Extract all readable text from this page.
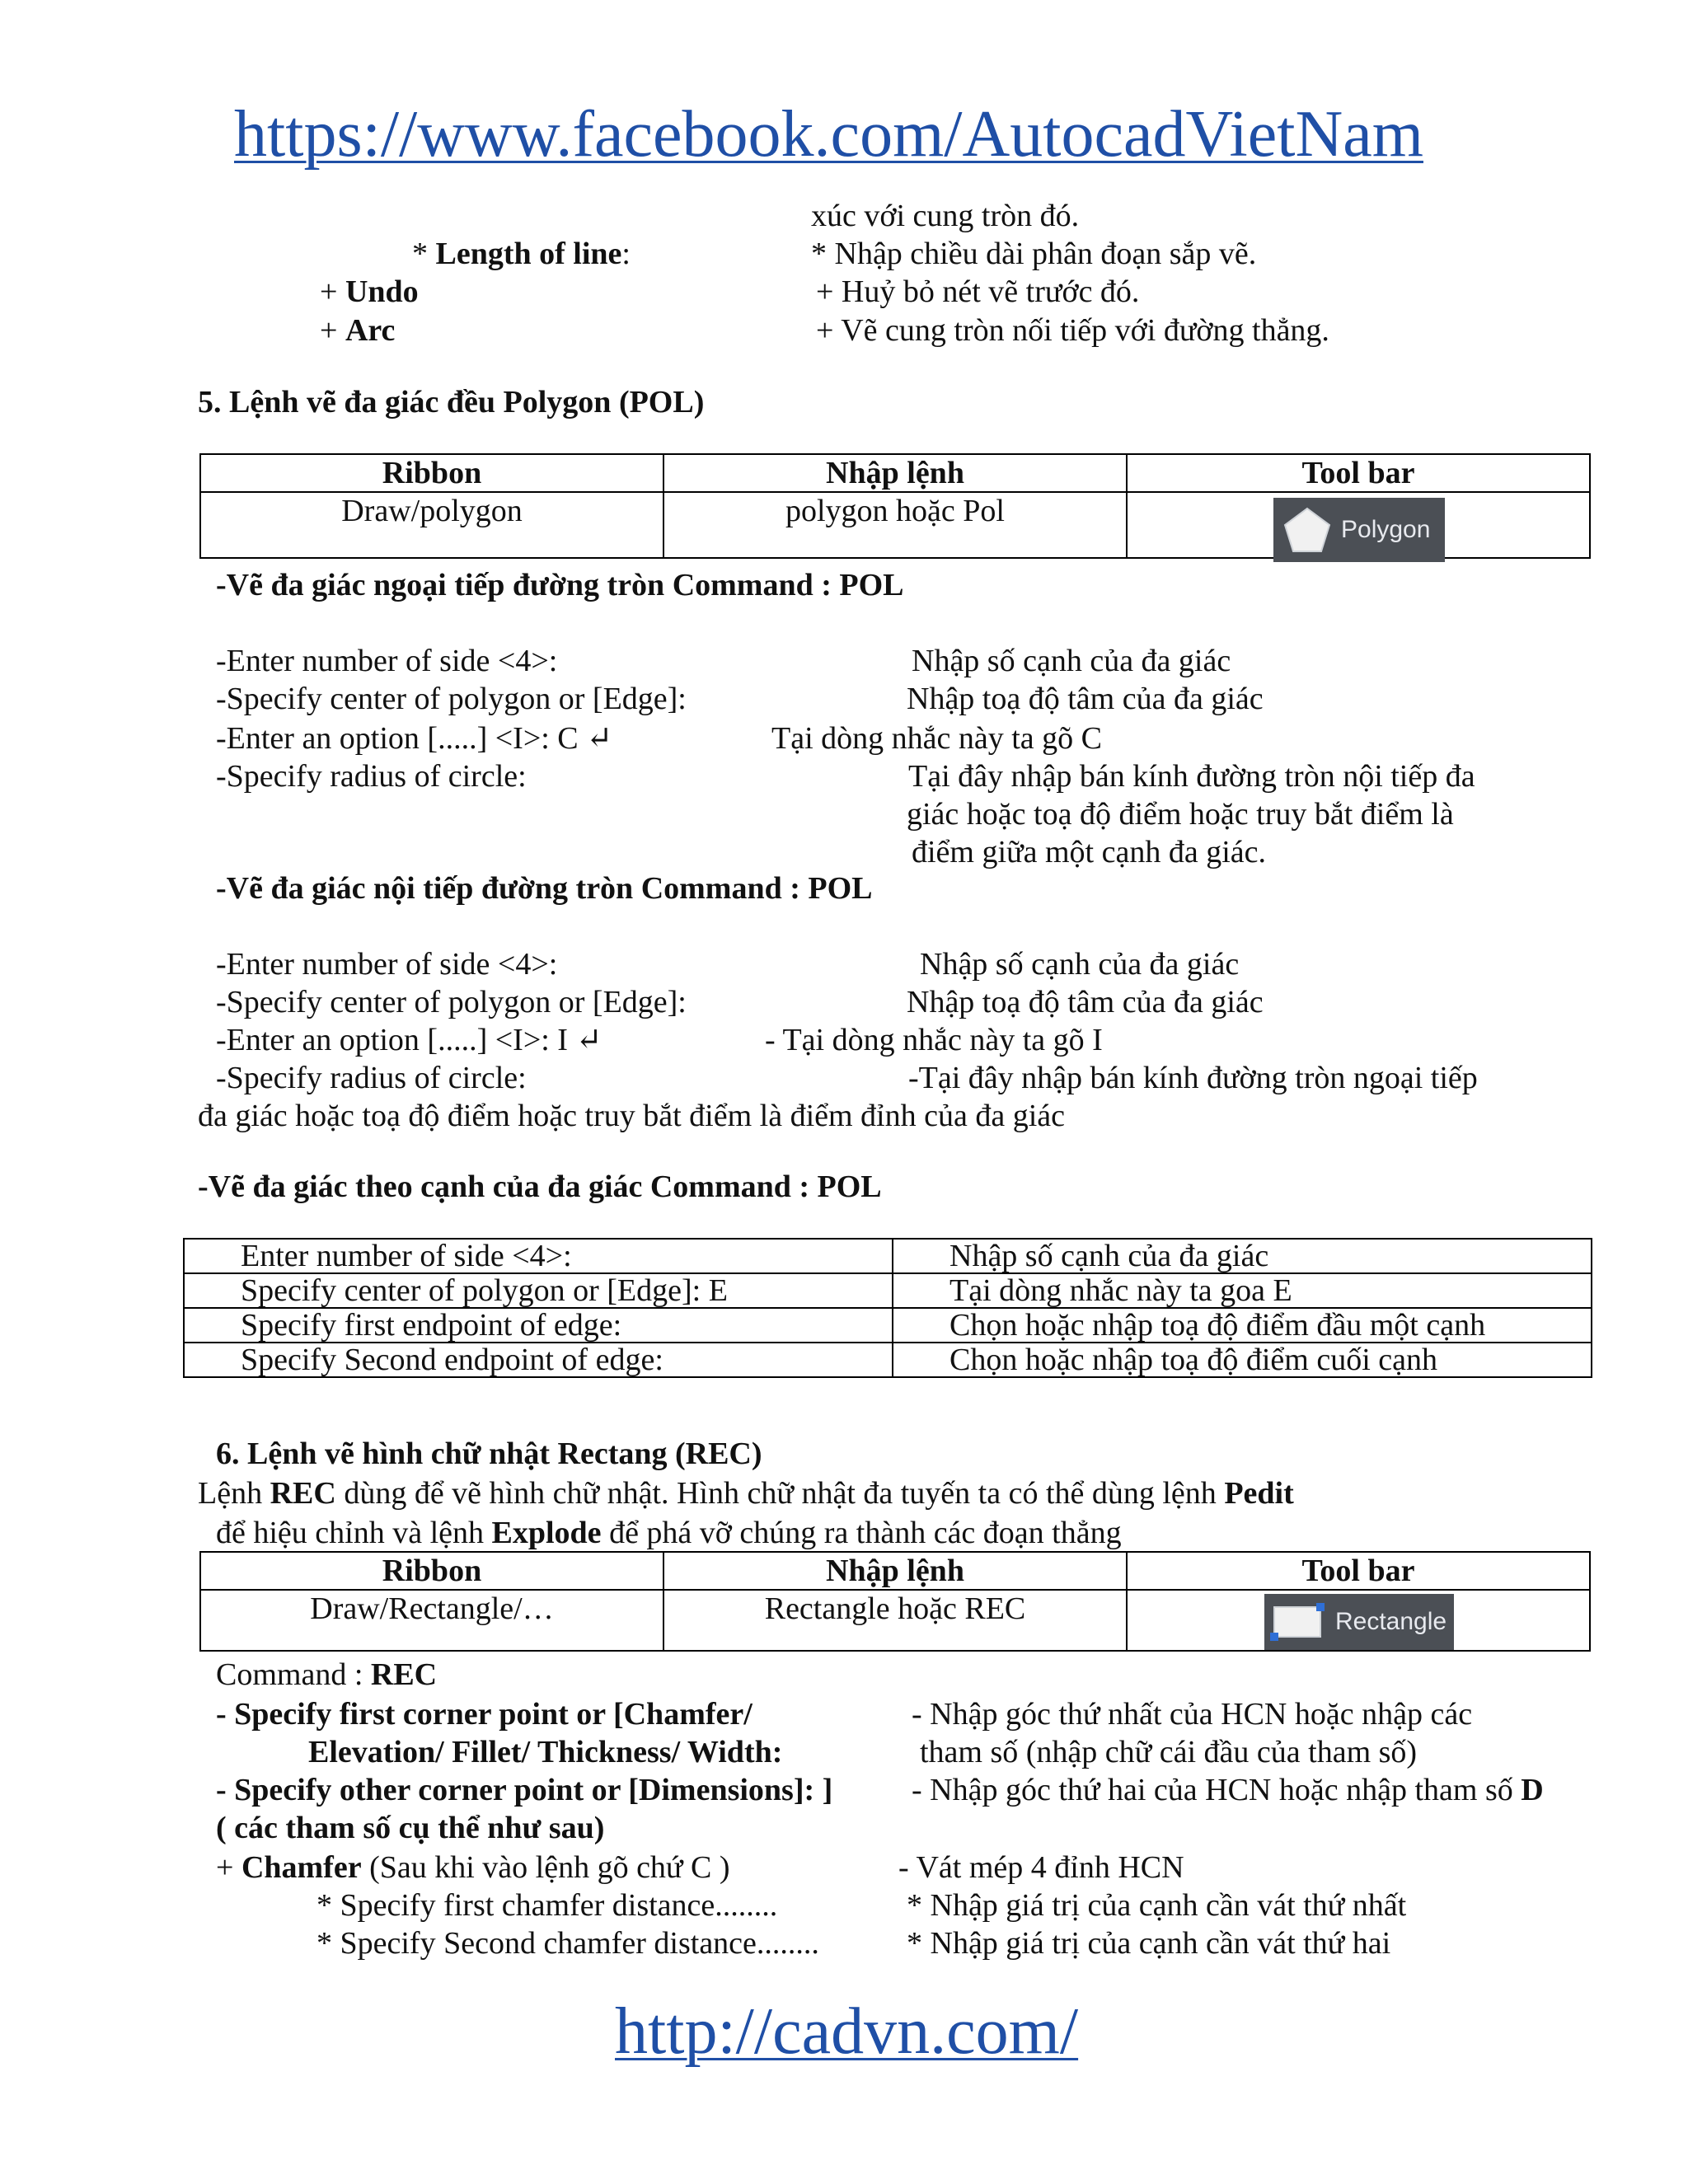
https://www.facebook.com/AutocadVietNam
xúc với cung tròn đó.
* Length of line:	* Nhập chiều dài phân đoạn sắp vẽ.
+ Undo	+ Huỷ bỏ nét vẽ trước đó.
+ Arc	+ Vẽ cung tròn nối tiếp với đường thẳng.
5. Lệnh vẽ đa giác đều Polygon (POL)
Ribbon	Nhập lệnh	Tool bar
Draw/polygon	polygon hoặc Pol	
Polygon
-Vẽ đa giác ngoại tiếp đường tròn Command : POL
-Enter number of side <4>:	Nhập số cạnh của đa giác
-Specify center of polygon or [Edge]:	Nhập toạ độ tâm của đa giác
-Enter an option [.....] <I>: C ↵	Tại dòng nhắc này ta gõ C
-Specify radius of circle:	Tại đây nhập bán kính đường tròn nội tiếp đa
giác hoặc toạ độ điểm hoặc truy bắt điểm là
điểm giữa một cạnh đa giác.
-Vẽ đa giác nội tiếp đường tròn Command : POL
-Enter number of side <4>:	Nhập số cạnh của đa giác
-Specify center of polygon or [Edge]:	Nhập toạ độ tâm của đa giác
-Enter an option [.....] <I>: I ↵	- Tại dòng nhắc này ta gõ I
-Specify radius of circle:	-Tại đây nhập bán kính đường tròn ngoại tiếp
đa giác hoặc toạ độ điểm hoặc truy bắt điểm là điểm đỉnh của đa giác
-Vẽ đa giác theo cạnh của đa giác Command : POL
Enter number of side <4>:	Nhập số cạnh của đa giác
Specify center of polygon or [Edge]: E	Tại dòng nhắc này ta goa E
Specify first endpoint of edge:	Chọn hoặc nhập toạ độ điểm đầu một cạnh
Specify Second endpoint of edge:	Chọn hoặc nhập toạ độ điểm cuối cạnh
6. Lệnh vẽ hình chữ nhật Rectang (REC)
Lệnh REC dùng để vẽ hình chữ nhật. Hình chữ nhật đa tuyến ta có thể dùng lệnh Pedit
để hiệu chỉnh và lệnh Explode để phá vỡ chúng ra thành các đoạn thẳng
Ribbon	Nhập lệnh	Tool bar
Draw/Rectangle/…	Rectangle hoặc REC		Rectangle
Command : REC
- Specify first corner point or [Chamfer/	- Nhập góc thứ nhất của HCN hoặc nhập các
Elevation/ Fillet/ Thickness/ Width:	tham số (nhập chữ cái đầu của tham số)
- Specify other corner point or [Dimensions]: ]	- Nhập góc thứ hai của HCN hoặc nhập tham số D
( các tham số cụ thể như sau)
+ Chamfer (Sau khi vào lệnh gõ chứ C )	- Vát mép 4 đỉnh HCN
* Specify first chamfer distance........	* Nhập giá trị của cạnh cần vát thứ nhất
* Specify Second chamfer distance........	* Nhập giá trị của cạnh cần vát thứ hai
http://cadvn.com/
